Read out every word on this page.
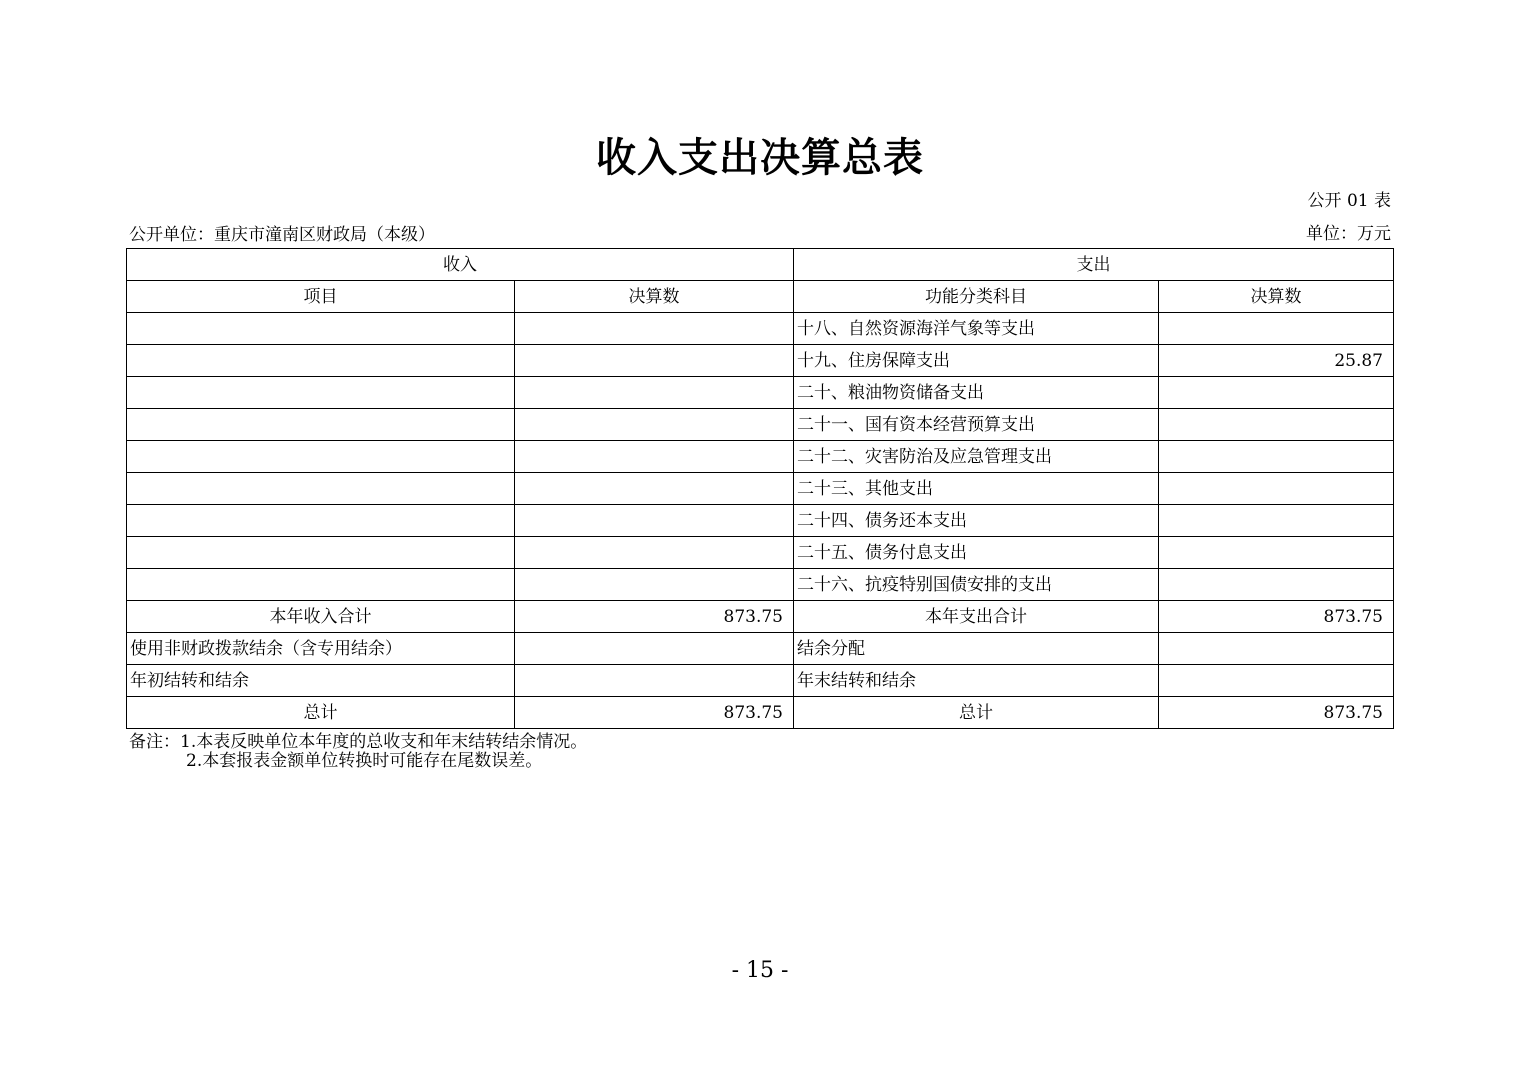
收入支出决算总表
公开 01 表
公开单位：重庆市潼南区财政局（本级）	单位：万元
收入		支出	
项目	决算数	功能分类科目	决算数
		十八、自然资源海洋气象等支出	
		十九、住房保障支出	25.87
		二十、粮油物资储备支出	
		二十一、国有资本经营预算支出	
		二十二、灾害防治及应急管理支出	
		二十三、其他支出	
		二十四、债务还本支出	
		二十五、债务付息支出	
		二十六、抗疫特别国债安排的支出	
本年收入合计	873.75	本年支出合计	873.75
使用非财政拨款结余（含专用结余）		结余分配	
年初结转和结余		年末结转和结余	
总计	873.75	总计	873.75
备注：1.本表反映单位本年度的总收支和年末结转结余情况。
2.本套报表金额单位转换时可能存在尾数误差。
- 15 -
